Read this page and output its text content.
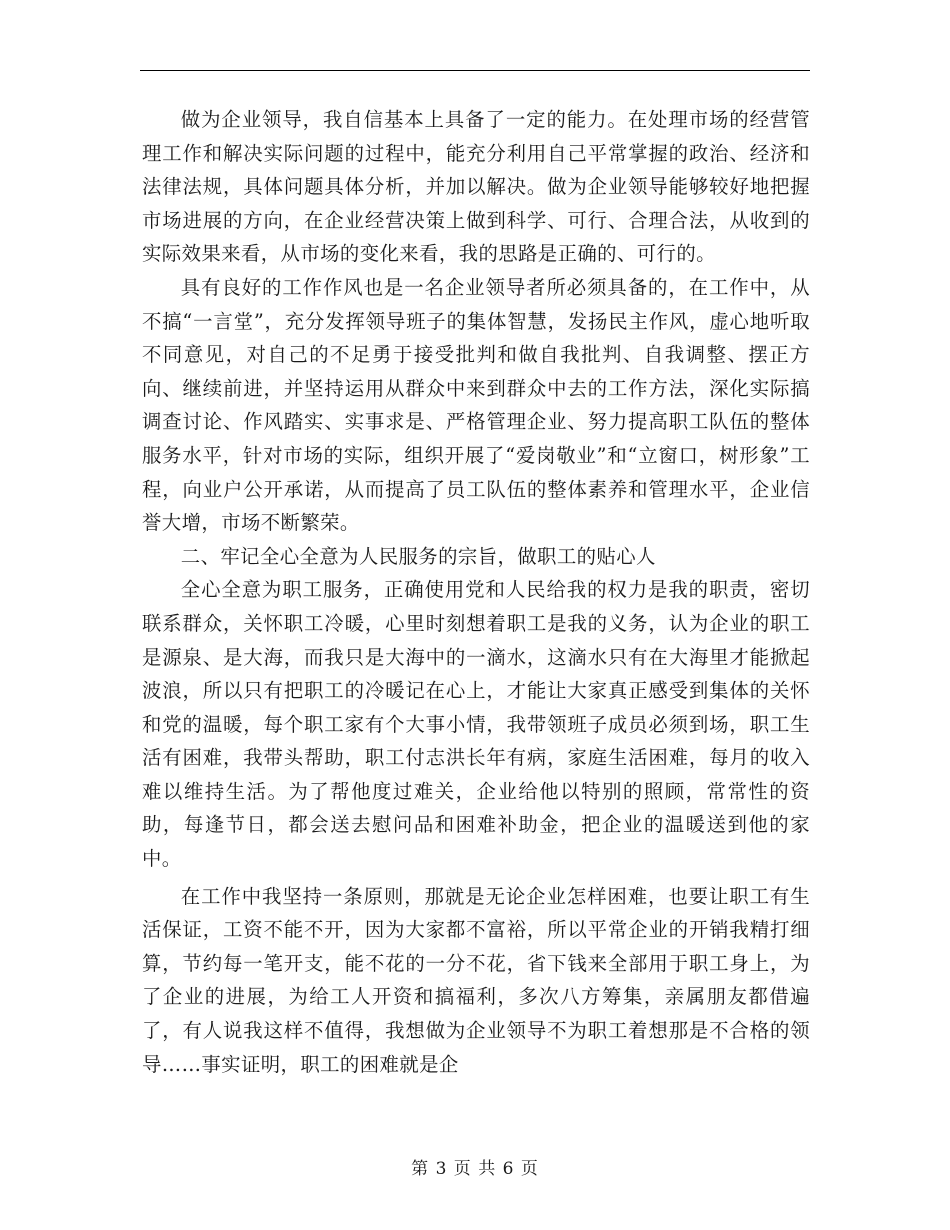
做为企业领导，我自信基本上具备了一定的能力。在处理市场的经营管理工作和解决实际问题的过程中，能充分利用自己平常掌握的政治、经济和法律法规，具体问题具体分析，并加以解决。做为企业领导能够较好地把握市场进展的方向，在企业经营决策上做到科学、可行、合理合法，从收到的实际效果来看，从市场的变化来看，我的思路是正确的、可行的。

具有良好的工作作风也是一名企业领导者所必须具备的，在工作中，从不搞“一言堂”，充分发挥领导班子的集体智慧，发扬民主作风，虚心地听取不同意见，对自己的不足勇于接受批判和做自我批判、自我调整、摆正方向、继续前进，并坚持运用从群众中来到群众中去的工作方法，深化实际搞调查讨论、作风踏实、实事求是、严格管理企业、努力提高职工队伍的整体服务水平，针对市场的实际，组织开展了“爱岗敬业”和“立窗口，树形象”工程，向业户公开承诺，从而提高了员工队伍的整体素养和管理水平，企业信誉大增，市场不断繁荣。

二、牢记全心全意为人民服务的宗旨，做职工的贴心人

全心全意为职工服务，正确使用党和人民给我的权力是我的职责，密切联系群众，关怀职工冷暖，心里时刻想着职工是我的义务，认为企业的职工是源泉、是大海，而我只是大海中的一滴水，这滴水只有在大海里才能掀起波浪，所以只有把职工的冷暖记在心上，才能让大家真正感受到集体的关怀和党的温暖，每个职工家有个大事小情，我带领班子成员必须到场，职工生活有困难，我带头帮助，职工付志洪长年有病，家庭生活困难，每月的收入难以维持生活。为了帮他度过难关，企业给他以特别的照顾，常常性的资助，每逢节日，都会送去慰问品和困难补助金，把企业的温暖送到他的家中。

在工作中我坚持一条原则，那就是无论企业怎样困难，也要让职工有生活保证，工资不能不开，因为大家都不富裕，所以平常企业的开销我精打细算，节约每一笔开支，能不花的一分不花，省下钱来全部用于职工身上，为了企业的进展，为给工人开资和搞福利，多次八方筹集，亲属朋友都借遍了，有人说我这样不值得，我想做为企业领导不为职工着想那是不合格的领导……事实证明，职工的困难就是企

第 3 页 共 6 页
